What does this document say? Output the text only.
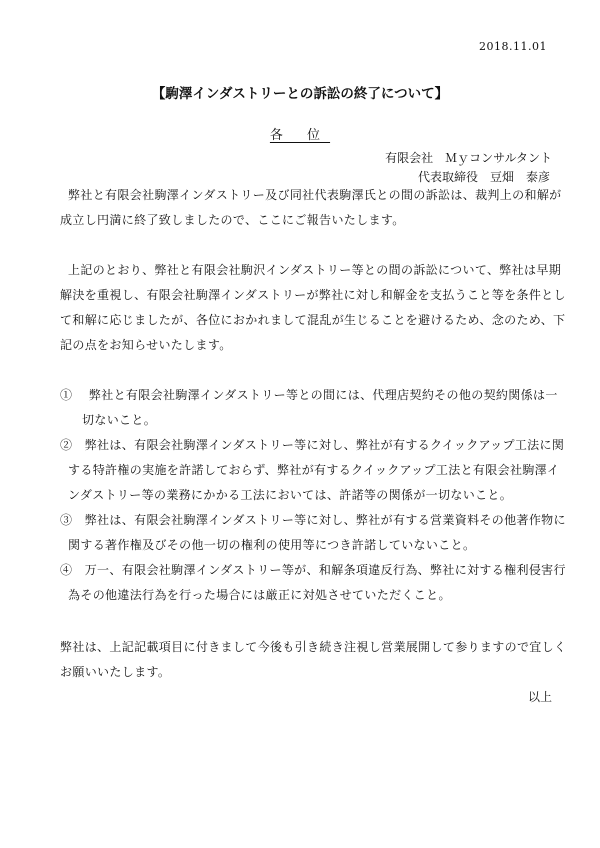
2018.11.01
【駒澤インダストリーとの訴訟の終了について】
各 位
有限会社　Ｍｙコンサルタント
代表取締役　豆畑　泰彦
弊社と有限会社駒澤インダストリー及び同社代表駒澤氏との間の訴訟は、裁判上の和解が
成立し円満に終了致しましたので、ここにご報告いたします。
上記のとおり、弊社と有限会社駒沢インダストリー等との間の訴訟について、弊社は早期
解決を重視し、有限会社駒澤インダストリーが弊社に対し和解金を支払うこと等を条件とし
て和解に応じましたが、各位におかれまして混乱が生じることを避けるため、念のため、下
記の点をお知らせいたします。
①　 弊社と有限会社駒澤インダストリー等との間には、代理店契約その他の契約関係は一
切ないこと。
②　弊社は、有限会社駒澤インダストリー等に対し、弊社が有するクイックアップ工法に関
する特許権の実施を許諾しておらず、弊社が有するクイックアップ工法と有限会社駒澤イ
ンダストリー等の業務にかかる工法においては、許諾等の関係が一切ないこと。
③　弊社は、有限会社駒澤インダストリー等に対し、弊社が有する営業資料その他著作物に
関する著作権及びその他一切の権利の使用等につき許諾していないこと。
④　万一、有限会社駒澤インダストリー等が、和解条項違反行為、弊社に対する権利侵害行
為その他違法行為を行った場合には厳正に対処させていただくこと。
弊社は、上記記載項目に付きまして今後も引き続き注視し営業展開して参りますので宜しく
お願いいたします。
以上
